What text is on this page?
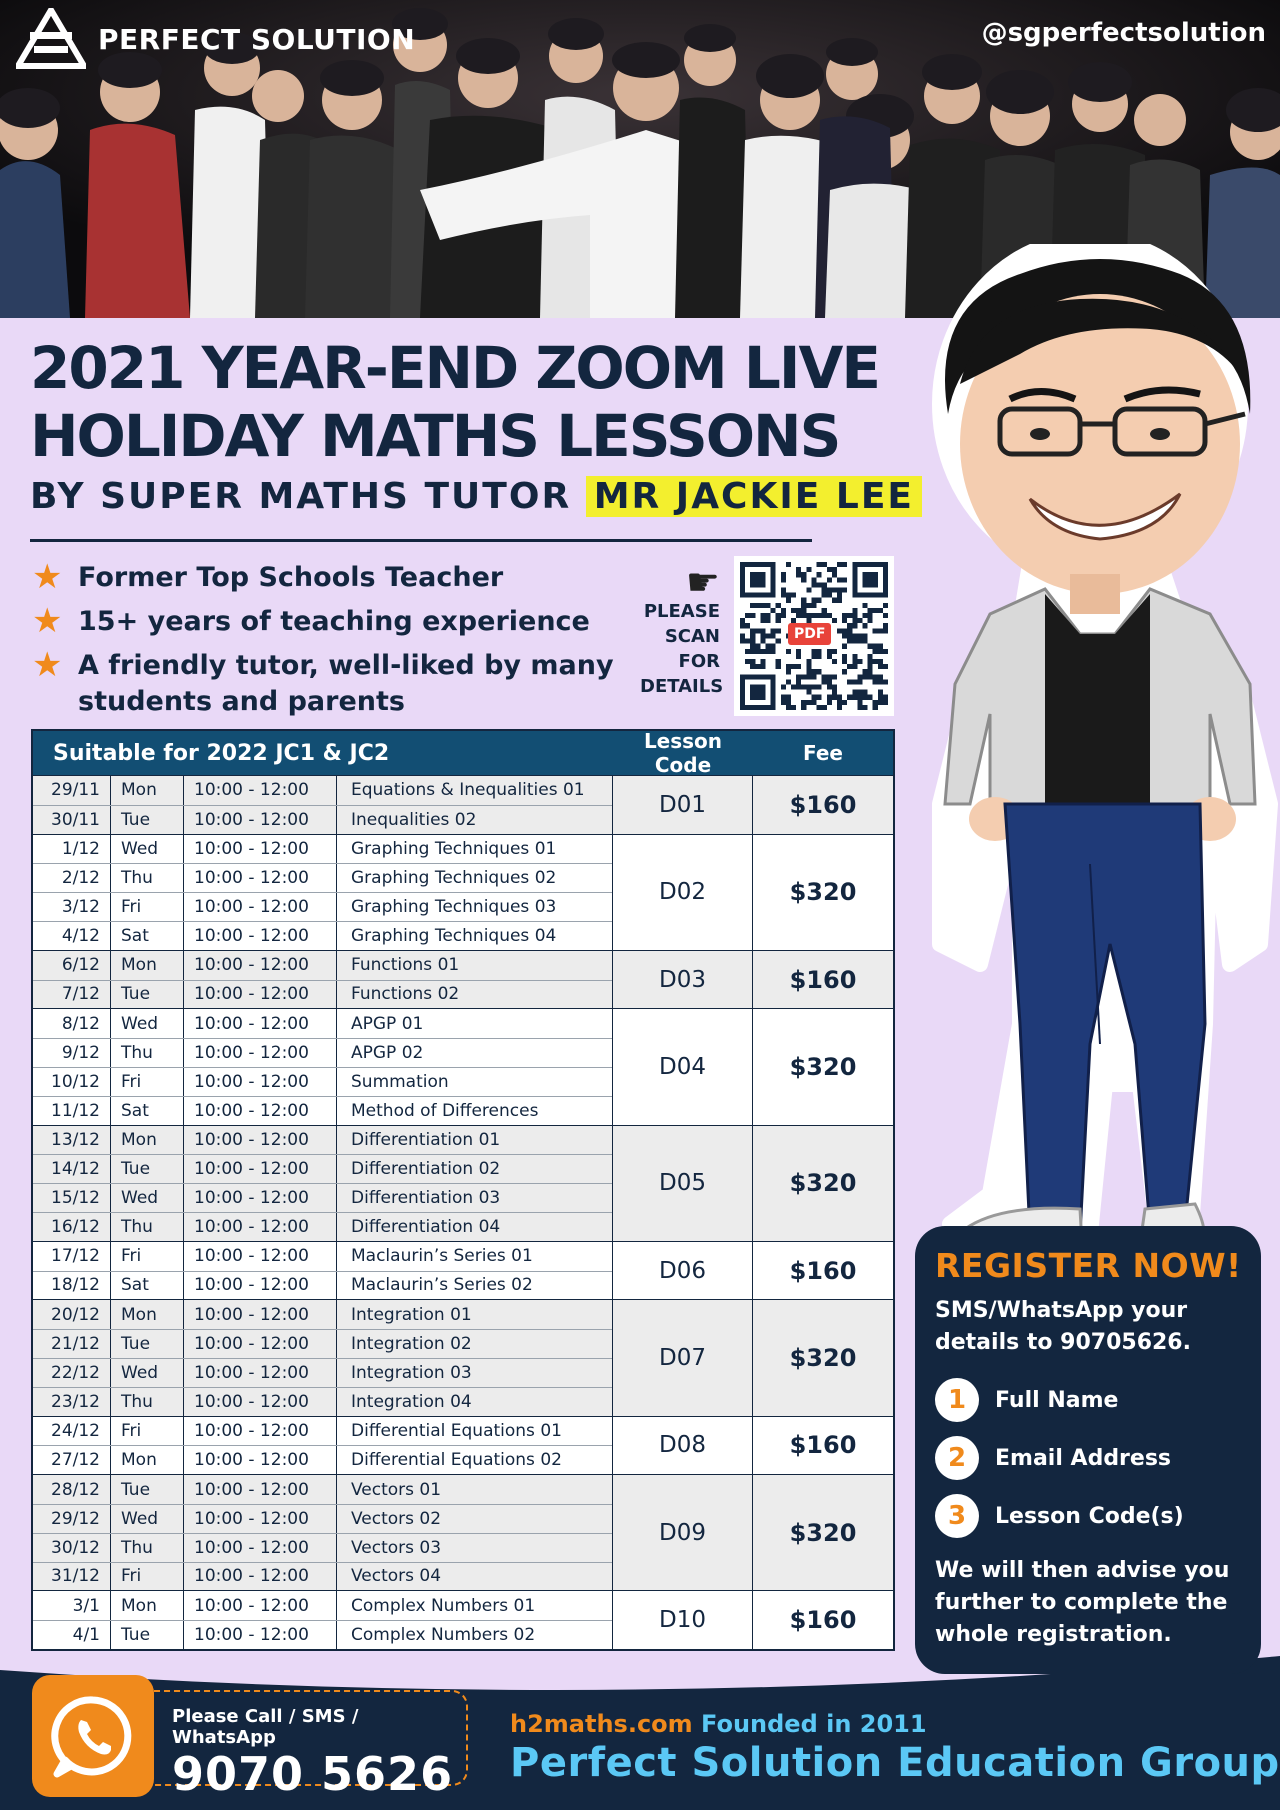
PERFECT SOLUTION	@sgperfectsolution
2021 YEAR-END ZOOM LIVE
HOLIDAY MATHS LESSONS
BY SUPER MATHS TUTOR MR JACKIE LEE
★ Former Top Schools Teacher
★ 15+ years of teaching experience
★ A friendly tutor, well-liked by many students and parents
☛
PLEASE
SCAN
FOR
DETAILS
PDF
Suitable for 2022 JC1 & JC2	Lesson Code	Fee
29/11	Mon	10:00 - 12:00	Equations & Inequalities 01
30/11	Tue	10:00 - 12:00	Inequalities 02
D01	$160
1/12	Wed	10:00 - 12:00	Graphing Techniques 01
2/12	Thu	10:00 - 12:00	Graphing Techniques 02
3/12	Fri	10:00 - 12:00	Graphing Techniques 03
4/12	Sat	10:00 - 12:00	Graphing Techniques 04
D02	$320
6/12	Mon	10:00 - 12:00	Functions 01
7/12	Tue	10:00 - 12:00	Functions 02
D03	$160
8/12	Wed	10:00 - 12:00	APGP 01
9/12	Thu	10:00 - 12:00	APGP 02
10/12	Fri	10:00 - 12:00	Summation
11/12	Sat	10:00 - 12:00	Method of Differences
D04	$320
13/12	Mon	10:00 - 12:00	Differentiation 01
14/12	Tue	10:00 - 12:00	Differentiation 02
15/12	Wed	10:00 - 12:00	Differentiation 03
16/12	Thu	10:00 - 12:00	Differentiation 04
D05	$320
17/12	Fri	10:00 - 12:00	Maclaurin’s Series 01
18/12	Sat	10:00 - 12:00	Maclaurin’s Series 02
D06	$160
20/12	Mon	10:00 - 12:00	Integration 01
21/12	Tue	10:00 - 12:00	Integration 02
22/12	Wed	10:00 - 12:00	Integration 03
23/12	Thu	10:00 - 12:00	Integration 04
D07	$320
24/12	Fri	10:00 - 12:00	Differential Equations 01
27/12	Mon	10:00 - 12:00	Differential Equations 02
D08	$160
28/12	Tue	10:00 - 12:00	Vectors 01
29/12	Wed	10:00 - 12:00	Vectors 02
30/12	Thu	10:00 - 12:00	Vectors 03
31/12	Fri	10:00 - 12:00	Vectors 04
D09	$320
3/1	Mon	10:00 - 12:00	Complex Numbers 01
4/1	Tue	10:00 - 12:00	Complex Numbers 02
D10	$160
REGISTER NOW!
SMS/WhatsApp your details to 90705626.
1	Full Name
2	Email Address
3	Lesson Code(s)
We will then advise you further to complete the whole registration.
Please Call / SMS / WhatsApp
9070 5626
h2maths.com Founded in 2011
Perfect Solution Education Group
